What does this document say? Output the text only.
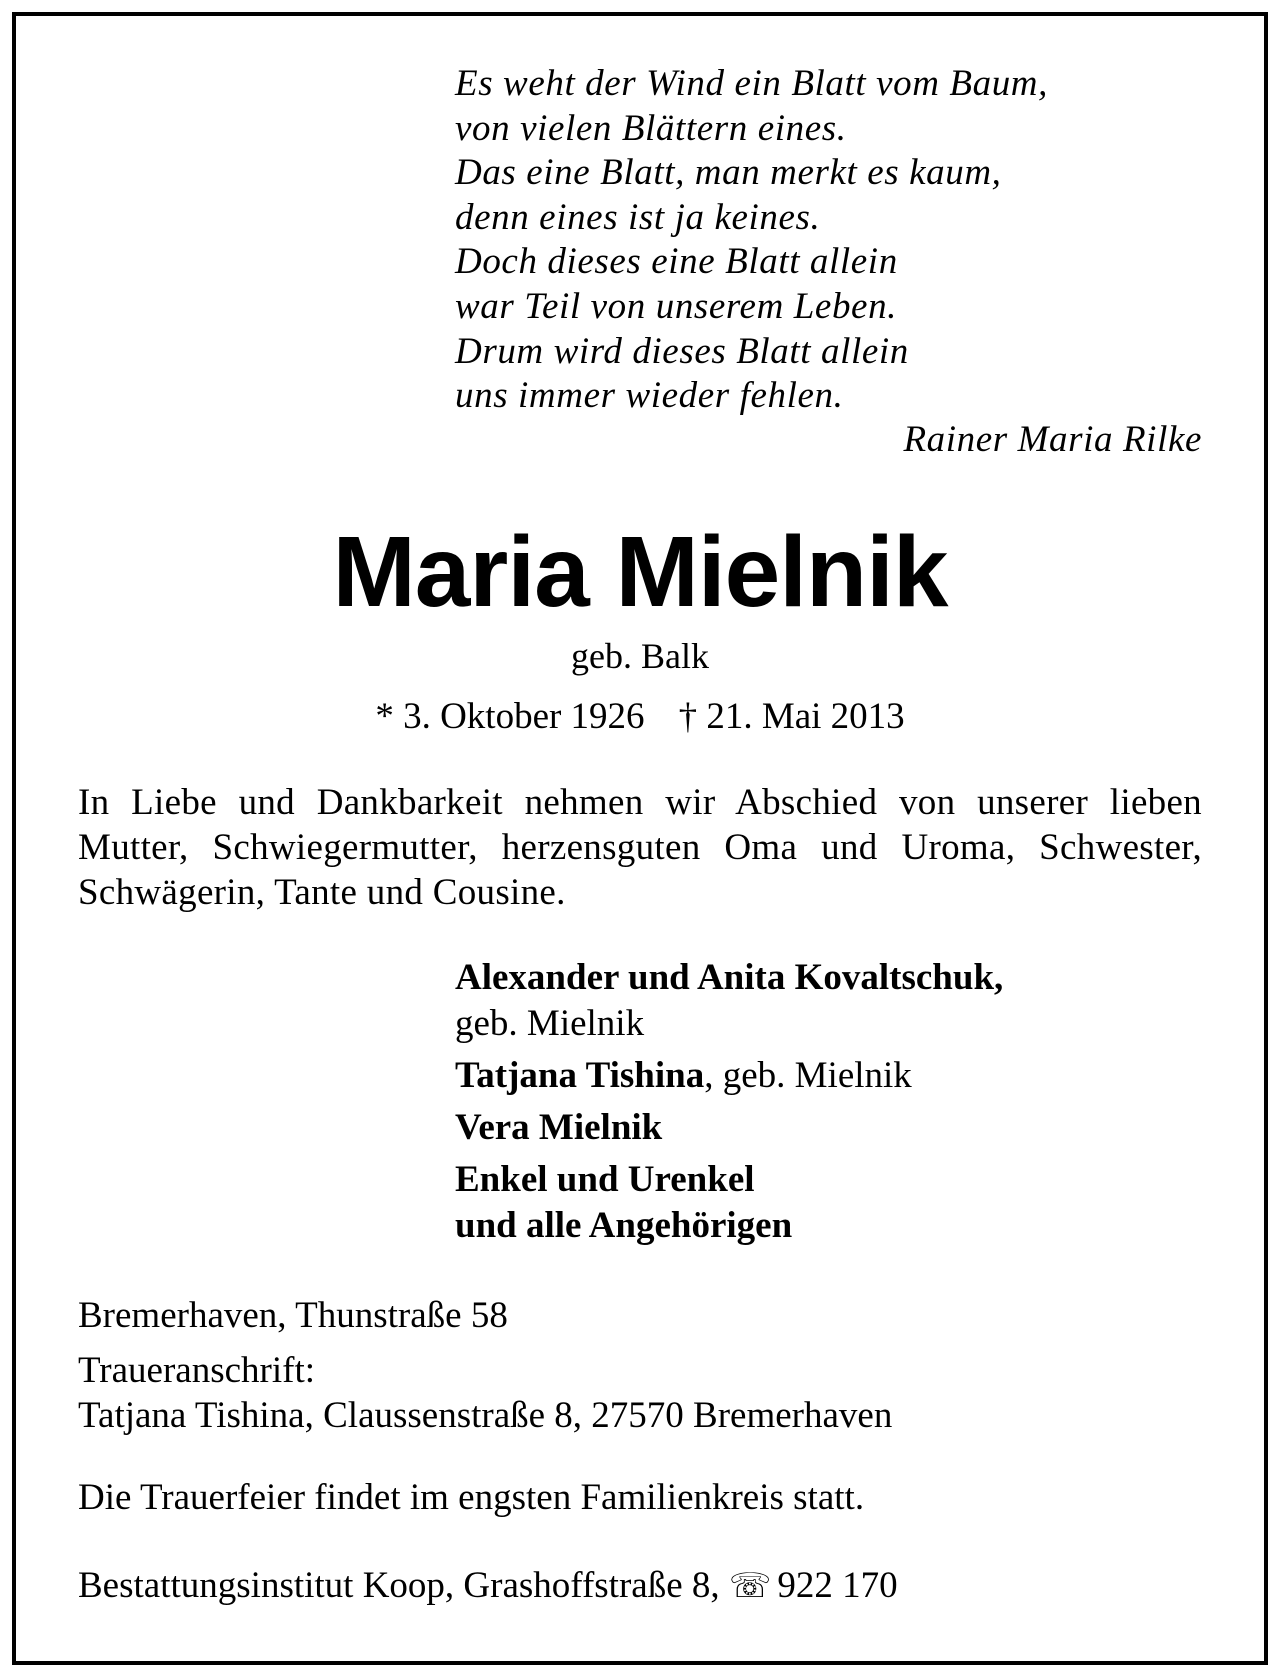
Es weht der Wind ein Blatt vom Baum,
von vielen Blättern eines.
Das eine Blatt, man merkt es kaum,
denn eines ist ja keines.
Doch dieses eine Blatt allein
war Teil von unserem Leben.
Drum wird dieses Blatt allein
uns immer wieder fehlen.
Rainer Maria Rilke
Maria Mielnik
geb. Balk
* 3. Oktober 1926 † 21. Mai 2013
In Liebe und Dankbarkeit nehmen wir Abschied von unserer lieben Mutter, Schwiegermutter, herzensguten Oma und Uroma, Schwester, Schwägerin, Tante und Cousine.
Alexander und Anita Kovaltschuk,
geb. Mielnik
Tatjana Tishina, geb. Mielnik
Vera Mielnik
Enkel und Urenkel
und alle Angehörigen
Bremerhaven, Thunstraße 58
Traueranschrift:
Tatjana Tishina, Claussenstraße 8, 27570 Bremerhaven
Die Trauerfeier findet im engsten Familienkreis statt.
Bestattungsinstitut Koop, Grashoffstraße 8, ☏ 922 170
